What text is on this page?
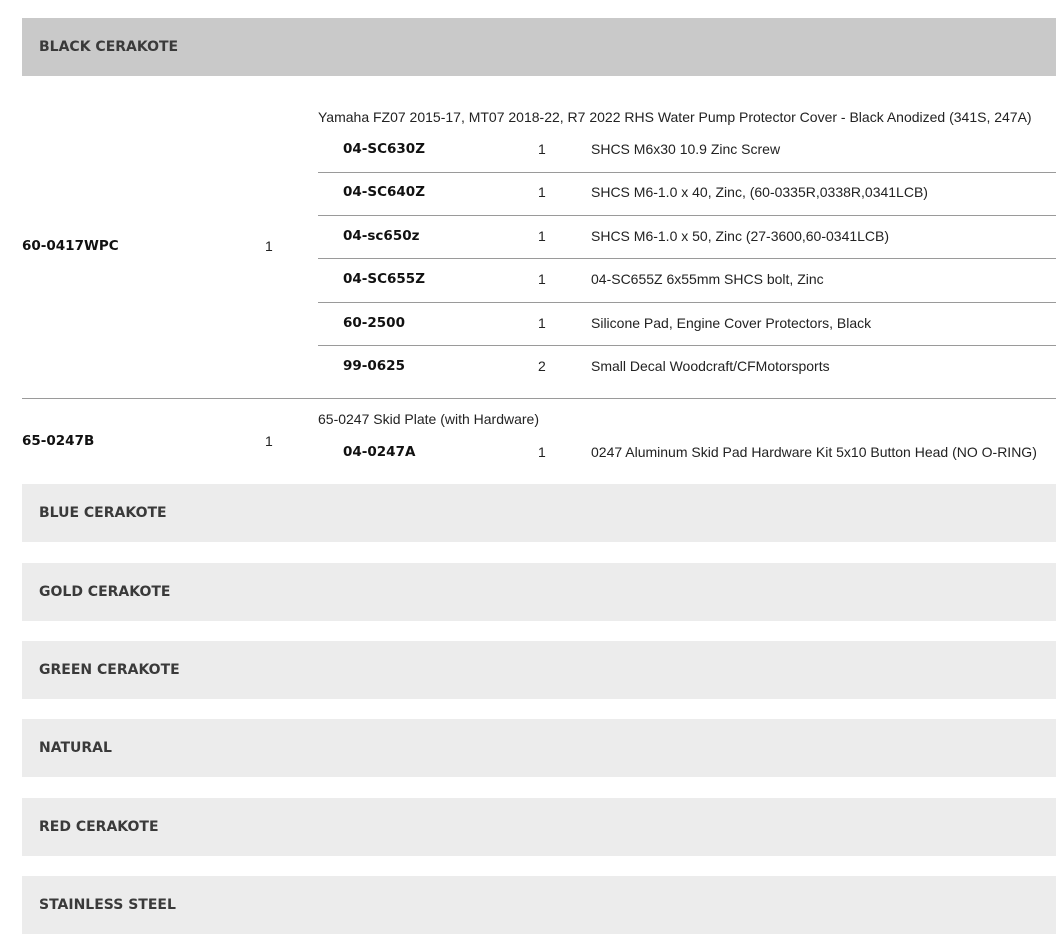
BLACK CERAKOTE
60-0417WPC	1
Yamaha FZ07 2015-17, MT07 2018-22, R7 2022 RHS Water Pump Protector Cover - Black Anodized (341S, 247A)
04-SC630Z	1	SHCS M6x30 10.9 Zinc Screw
04-SC640Z	1	SHCS M6-1.0 x 40, Zinc, (60-0335R,0338R,0341LCB)
04-sc650z	1	SHCS M6-1.0 x 50, Zinc (27-3600,60-0341LCB)
04-SC655Z	1	04-SC655Z 6x55mm SHCS bolt, Zinc
60-2500	1	Silicone Pad, Engine Cover Protectors, Black
99-0625	2	Small Decal Woodcraft/CFMotorsports
65-0247B	1
65-0247 Skid Plate (with Hardware)
04-0247A	1	0247 Aluminum Skid Pad Hardware Kit 5x10 Button Head (NO O-RING)
BLUE CERAKOTE
GOLD CERAKOTE
GREEN CERAKOTE
NATURAL
RED CERAKOTE
STAINLESS STEEL
